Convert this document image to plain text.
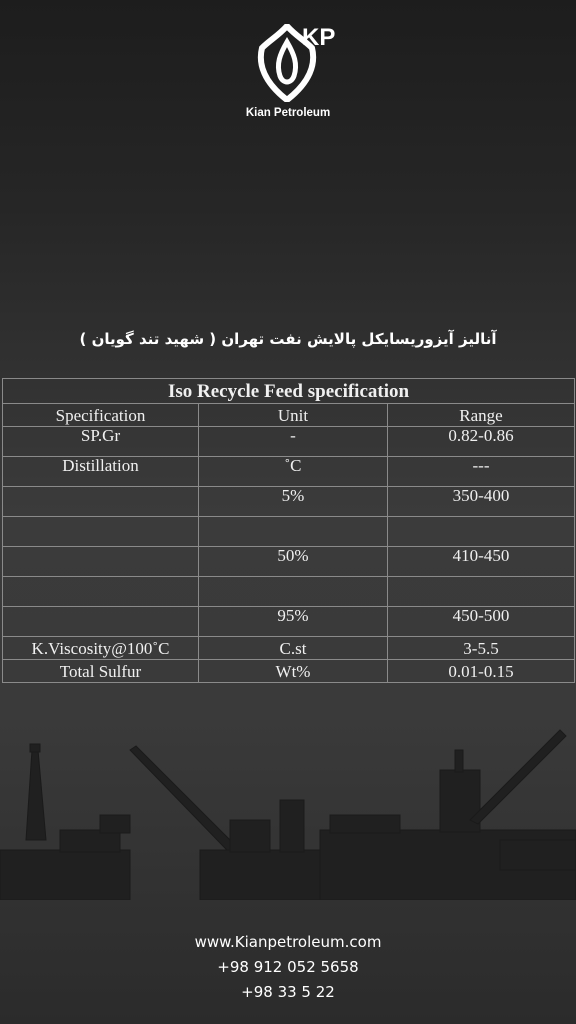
KP
Kian Petroleum
آنالیز آیزوریسایکل پالایش نفت تهران ( شهید تند گویان )
Iso Recycle Feed specification		
Specification	Unit	Range
SP.Gr	-	0.82-0.86
Distillation	˚C	---
	5%	350-400

	50%	410-450

	95%	450-500
K.Viscosity@100˚C	C.st	3-5.5
Total Sulfur	Wt%	0.01-0.15
www.Kianpetroleum.com
+98 912 052 5658
+98 33 5 22
